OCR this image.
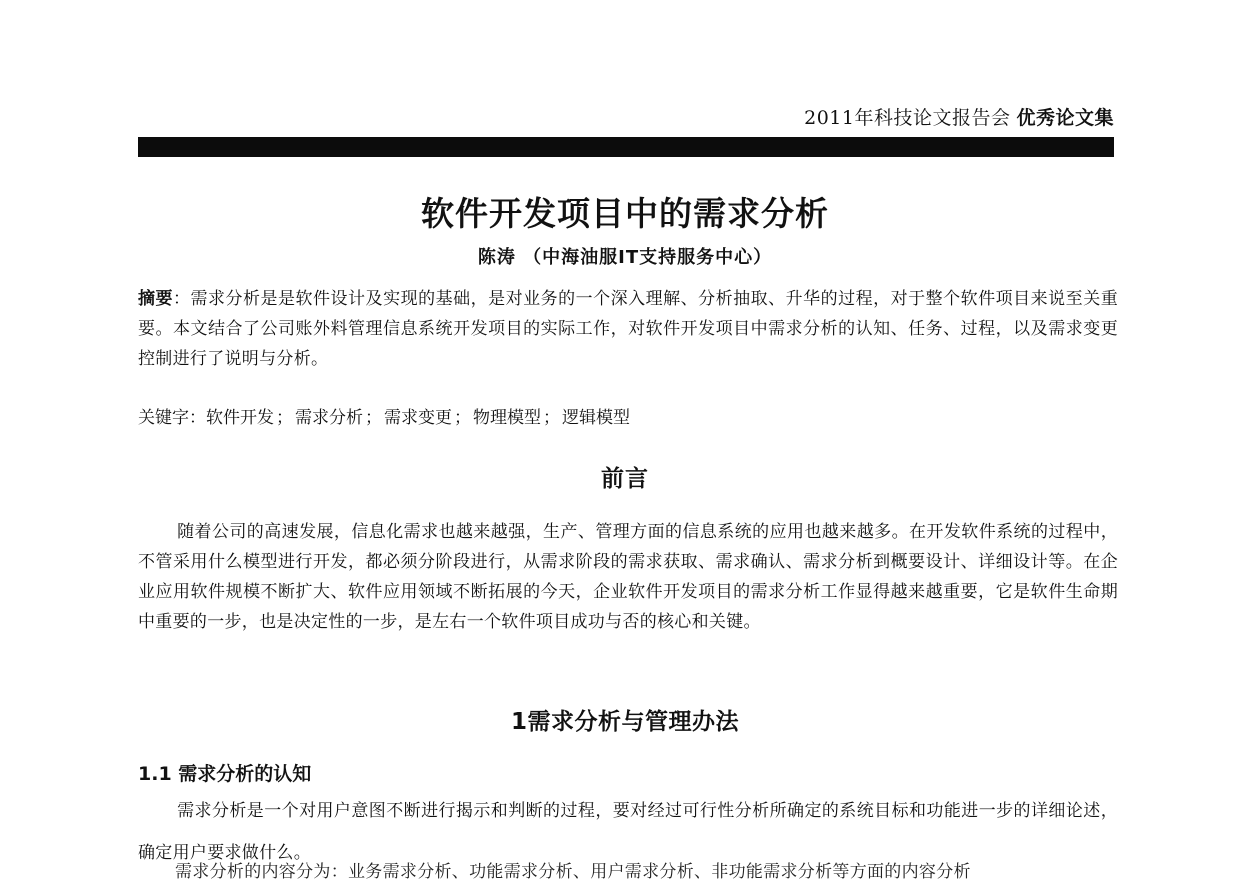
2011年科技论文报告会 优秀论文集
软件开发项目中的需求分析
陈涛 （中海油服IT支持服务中心）
摘要：需求分析是是软件设计及实现的基础，是对业务的一个深入理解、分析抽取、升华的过程，对于整个软件项目来说至关重要。本文结合了公司账外料管理信息系统开发项目的实际工作，对软件开发项目中需求分析的认知、任务、过程，以及需求变更控制进行了说明与分析。
关键字：软件开发 ； 需求分析 ； 需求变更 ； 物理模型 ； 逻辑模型
前言
随着公司的高速发展，信息化需求也越来越强，生产、管理方面的信息系统的应用也越来越多。在开发软件系统的过程中，不管采用什么模型进行开发，都必须分阶段进行，从需求阶段的需求获取、需求确认、需求分析到概要设计、详细设计等。在企业应用软件规模不断扩大、软件应用领域不断拓展的今天，企业软件开发项目的需求分析工作显得越来越重要，它是软件生命期中重要的一步，也是决定性的一步，是左右一个软件项目成功与否的核心和关键。
1需求分析与管理办法
1.1 需求分析的认知
需求分析是一个对用户意图不断进行揭示和判断的过程，要对经过可行性分析所确定的系统目标和功能进一步的详细论述，确定用户要求做什么。
需求分析的内容分为：业务需求分析、功能需求分析、用户需求分析、非功能需求分析等方面的内容分析
